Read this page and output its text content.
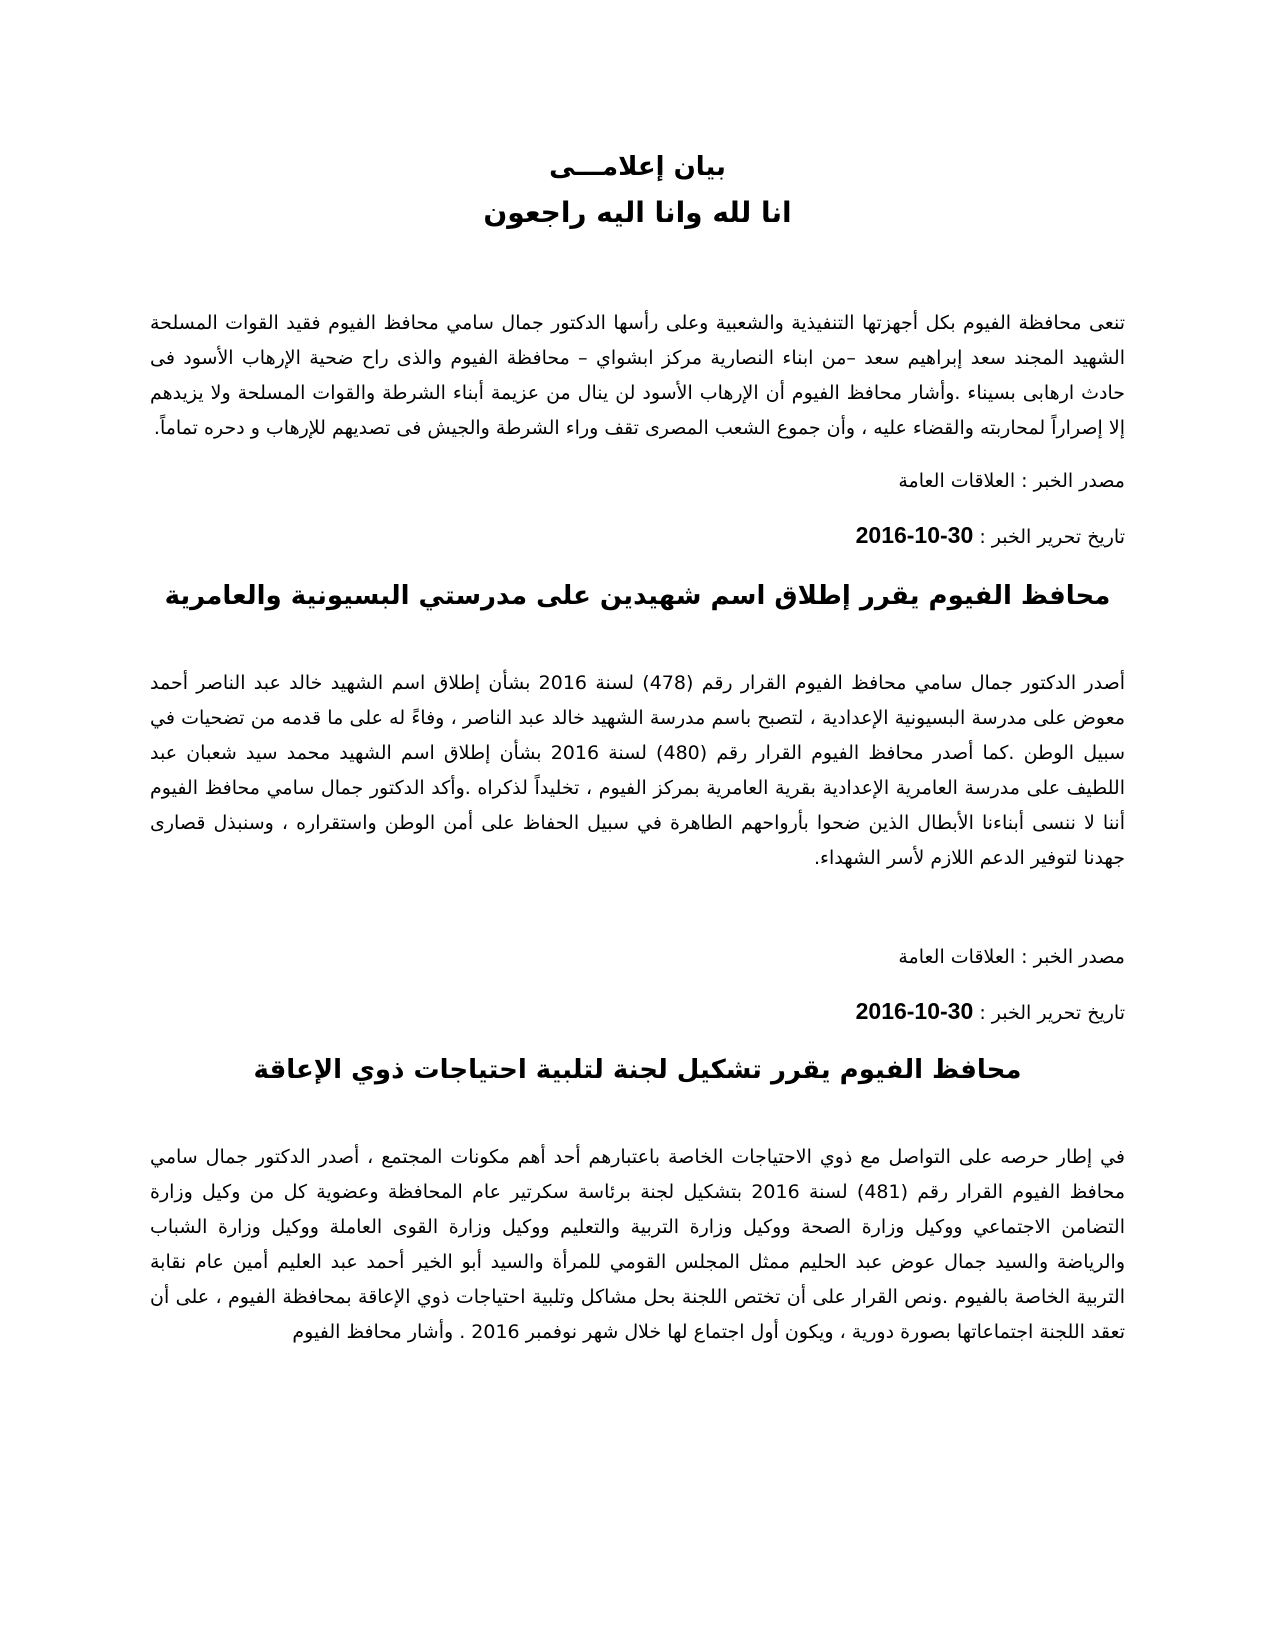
بيان إعلامـــى
انا لله وانا اليه راجعون

تنعى محافظة الفيوم بكل أجهزتها التنفيذية والشعبية وعلى رأسها الدكتور جمال سامي محافظ الفيوم فقيد القوات المسلحة الشهيد المجند سعد إبراهيم سعد –من ابناء النصارية مركز ابشواي – محافظة الفيوم والذى راح ضحية الإرهاب الأسود فى حادث ارهابى بسيناء .وأشار محافظ الفيوم أن الإرهاب الأسود لن ينال من عزيمة أبناء الشرطة والقوات المسلحة ولا يزيدهم إلا إصراراً لمحاربته والقضاء عليه ، وأن جموع الشعب المصرى تقف وراء الشرطة والجيش فى تصديهم للإرهاب و دحره تماماً.

مصدر الخبر : العلاقات العامة

تاريخ تحرير الخبر : 2016-10-30

محافظ الفيوم يقرر إطلاق اسم شهيدين على مدرستي البسيونية والعامرية

أصدر الدكتور جمال سامي محافظ الفيوم القرار رقم (478) لسنة 2016 بشأن إطلاق اسم الشهيد خالد عبد الناصر أحمد معوض على مدرسة البسيونية الإعدادية ، لتصبح باسم مدرسة الشهيد خالد عبد الناصر ، وفاءً له على ما قدمه من تضحيات في سبيل الوطن .كما أصدر محافظ الفيوم القرار رقم (480) لسنة 2016 بشأن إطلاق اسم الشهيد محمد سيد شعبان عبد اللطيف على مدرسة العامرية الإعدادية بقرية العامرية بمركز الفيوم ، تخليداً لذكراه .وأكد الدكتور جمال سامي محافظ الفيوم أننا لا ننسى أبناءنا الأبطال الذين ضحوا بأرواحهم الطاهرة في سبيل الحفاظ على أمن الوطن واستقراره ، وسنبذل قصارى جهدنا لتوفير الدعم اللازم لأسر الشهداء.

مصدر الخبر : العلاقات العامة

تاريخ تحرير الخبر : 2016-10-30

محافظ الفيوم يقرر تشكيل لجنة لتلبية احتياجات ذوي الإعاقة

في إطار حرصه على التواصل مع ذوي الاحتياجات الخاصة باعتبارهم أحد أهم مكونات المجتمع ، أصدر الدكتور جمال سامي محافظ الفيوم القرار رقم (481) لسنة 2016 بتشكيل لجنة برئاسة سكرتير عام المحافظة وعضوية كل من وكيل وزارة التضامن الاجتماعي ووكيل وزارة الصحة ووكيل وزارة التربية والتعليم ووكيل وزارة القوى العاملة ووكيل وزارة الشباب والرياضة والسيد جمال عوض عبد الحليم ممثل المجلس القومي للمرأة والسيد أبو الخير أحمد عبد العليم أمين عام نقابة التربية الخاصة بالفيوم .ونص القرار على أن تختص اللجنة بحل مشاكل وتلبية احتياجات ذوي الإعاقة بمحافظة الفيوم ، على أن تعقد اللجنة اجتماعاتها بصورة دورية ، ويكون أول اجتماع لها خلال شهر نوفمبر 2016 . وأشار محافظ الفيوم
